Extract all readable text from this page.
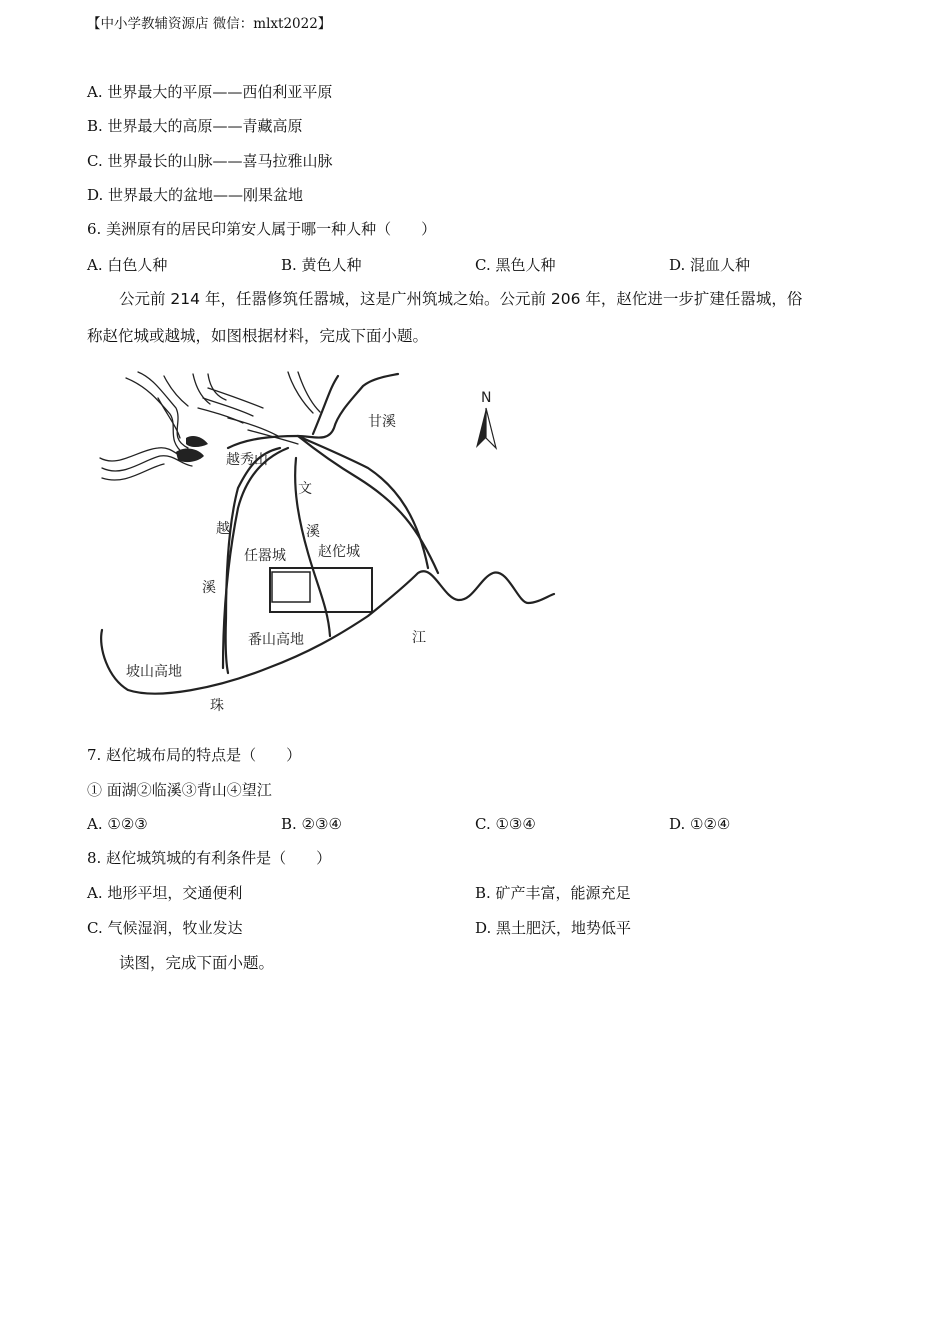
【中小学教辅资源店 微信：mlxt2022】
A. 世界最大的平原——西伯利亚平原
B. 世界最大的高原——青藏高原
C. 世界最长的山脉——喜马拉雅山脉
D. 世界最大的盆地——刚果盆地
6. 美洲原有的居民印第安人属于哪一种人种（　　）
A. 白色人种	B. 黄色人种	C. 黑色人种	D. 混血人种
公元前 214 年，任嚣修筑任嚣城，这是广州筑城之始。公元前 206 年，赵佗进一步扩建任嚣城，俗
称赵佗城或越城，如图根据材料，完成下面小题。
N
甘溪
越秀山
文
越	溪
任嚣城 赵佗城
溪
番山高地	江
坡山高地
珠
7. 赵佗城布局的特点是（　　）
① 面湖②临溪③背山④望江
A. ①②③	B. ②③④	C. ①③④	D. ①②④
8. 赵佗城筑城的有利条件是（　　）
A. 地形平坦，交通便利	B. 矿产丰富，能源充足
C. 气候湿润，牧业发达	D. 黑土肥沃，地势低平
读图，完成下面小题。
